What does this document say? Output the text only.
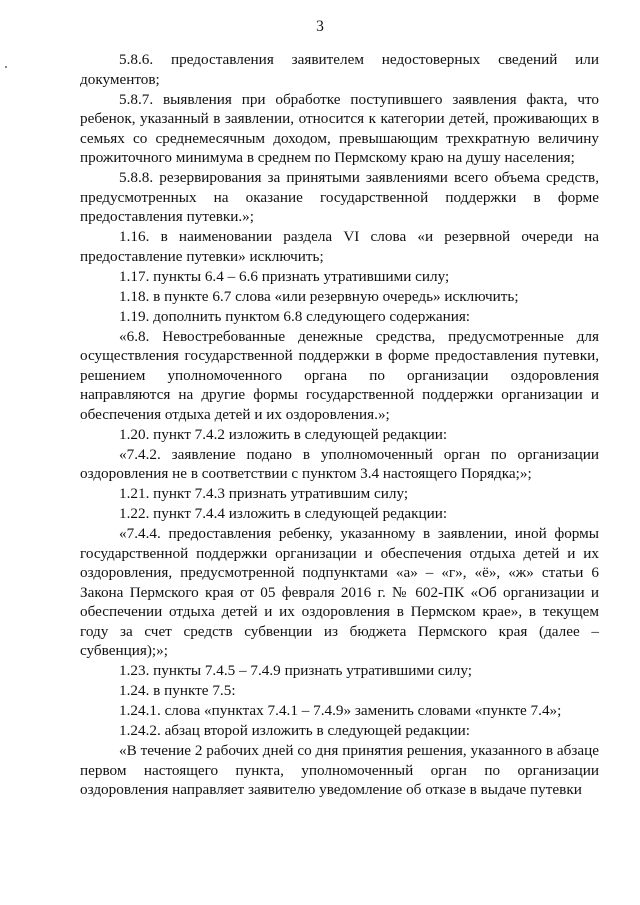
3

5.8.6. предоставления заявителем недостоверных сведений или документов;

5.8.7. выявления при обработке поступившего заявления факта, что ребенок, указанный в заявлении, относится к категории детей, проживающих в семьях со среднемесячным доходом, превышающим трехкратную величину прожиточного минимума в среднем по Пермскому краю на душу населения;

5.8.8. резервирования за принятыми заявлениями всего объема средств, предусмотренных на оказание государственной поддержки в форме предоставления путевки.»;

1.16. в наименовании раздела VI слова «и резервной очереди на предоставление путевки» исключить;

1.17. пункты 6.4 – 6.6 признать утратившими силу;

1.18. в пункте 6.7 слова «или резервную очередь» исключить;

1.19. дополнить пунктом 6.8 следующего содержания:

«6.8. Невостребованные денежные средства, предусмотренные для осуществления государственной поддержки в форме предоставления путевки, решением уполномоченного органа по организации оздоровления направляются на другие формы государственной поддержки организации и обеспечения отдыха детей и их оздоровления.»;

1.20. пункт 7.4.2 изложить в следующей редакции:

«7.4.2. заявление подано в уполномоченный орган по организации оздоровления не в соответствии с пунктом 3.4 настоящего Порядка;»;

1.21. пункт 7.4.3 признать утратившим силу;

1.22. пункт 7.4.4 изложить в следующей редакции:

«7.4.4. предоставления ребенку, указанному в заявлении, иной формы государственной поддержки организации и обеспечения отдыха детей и их оздоровления, предусмотренной подпунктами «а» – «г», «ё», «ж» статьи 6 Закона Пермского края от 05 февраля 2016 г. № 602-ПК «Об организации и обеспечении отдыха детей и их оздоровления в Пермском крае», в текущем году за счет средств субвенции из бюджета Пермского края (далее – субвенция);»;

1.23. пункты 7.4.5 – 7.4.9 признать утратившими силу;

1.24. в пункте 7.5:

1.24.1. слова «пунктах 7.4.1 – 7.4.9» заменить словами «пункте 7.4»;

1.24.2. абзац второй изложить в следующей редакции:

«В течение 2 рабочих дней со дня принятия решения, указанного в абзаце первом настоящего пункта, уполномоченный орган по организации оздоровления направляет заявителю уведомление об отказе в выдаче путевки
